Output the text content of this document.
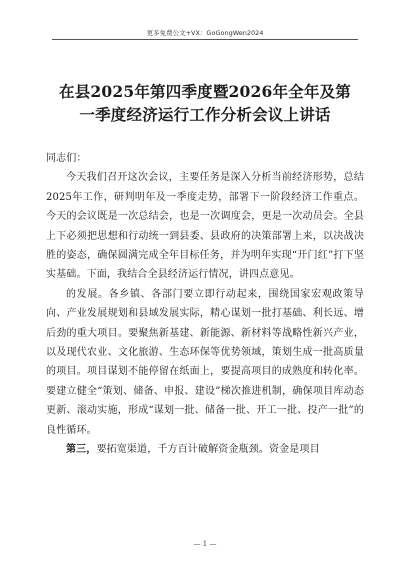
更多免费公文+VX：GoGongWen2024
在县2025年第四季度暨2026年全年及第
一季度经济运行工作分析会议上讲话

同志们：

今天我们召开这次会议，主要任务是深入分析当前经济形势，总结2025年工作，研判明年及一季度走势，部署下一阶段经济工作重点。今天的会议既是一次总结会，也是一次调度会，更是一次动员会。全县上下必须把思想和行动统一到县委、县政府的决策部署上来，以决战决胜的姿态，确保圆满完成全年目标任务，并为明年实现“开门红”打下坚实基础。下面，我结合全县经济运行情况，讲四点意见。

的发展。各乡镇、各部门要立即行动起来，围绕国家宏观政策导向、产业发展规划和县域发展实际，精心谋划一批打基础、利长远、增后劲的重大项目。要聚焦新基建、新能源、新材料等战略性新兴产业，以及现代农业、文化旅游、生态环保等优势领域，策划生成一批高质量的项目。项目谋划不能停留在纸面上，要提高项目的成熟度和转化率。要建立健全“策划、储备、申报、建设”梯次推进机制，确保项目库动态更新、滚动实施，形成“谋划一批、储备一批、开工一批、投产一批”的良性循环。

第三，要拓宽渠道，千方百计破解资金瓶颈。资金是项目

— 1 —
